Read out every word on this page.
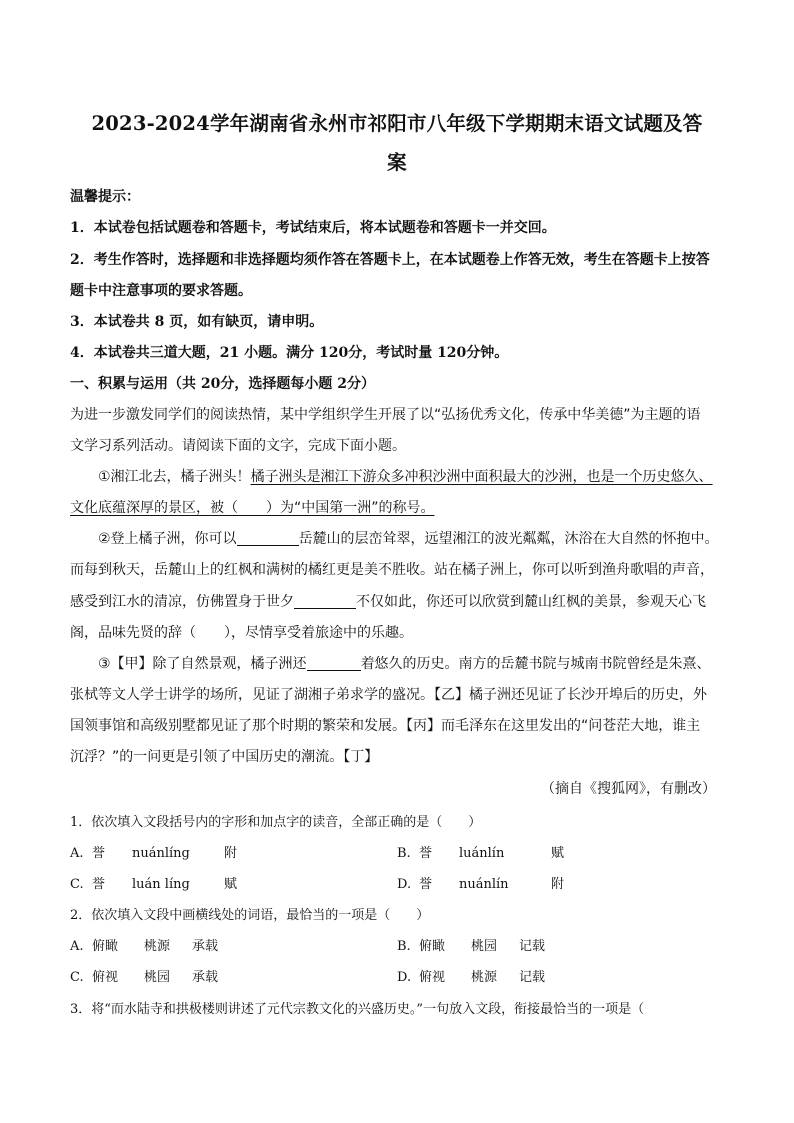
2023-2024学年湖南省永州市祁阳市八年级下学期期末语文试题及答
案
温馨提示：
1．本试卷包括试题卷和答题卡，考试结束后，将本试题卷和答题卡一并交回。
2．考生作答时，选择题和非选择题均须作答在答题卡上，在本试题卷上作答无效，考生在答题卡上按答
题卡中注意事项的要求答题。
3．本试卷共 8 页，如有缺页，请申明。
4．本试卷共三道大题，21 小题。满分 120分，考试时量 120分钟。
一、积累与运用（共 20分，选择题每小题 2分）
为进一步激发同学们的阅读热情，某中学组织学生开展了以“弘扬优秀文化，传承中华美德”为主题的语
文学习系列活动。请阅读下面的文字，完成下面小题。
①湘江北去，橘子洲头！橘子洲头是湘江下游众多冲积沙洲中面积最大的沙洲，也是一个历史悠久、
文化底蕴深厚的景区，被（　　）为“中国第一洲”的称号。
②登上橘子洲，你可以	岳麓山的层峦耸翠，远望湘江的波光粼粼，沐浴在大自然的怀抱中。
而每到秋天，岳麓山上的红枫和满树的橘红更是美不胜收。站在橘子洲上，你可以听到渔舟歌唱的声音，
感受到江水的清凉，仿佛置身于世夕	不仅如此，你还可以欣赏到麓山红枫的美景，参观天心飞
阁，品味先贤的辞（　　），尽情享受着旅途中的乐趣。
③【甲】除了自然景观，橘子洲还	着悠久的历史。南方的岳麓书院与城南书院曾经是朱熹、
张栻等文人学士讲学的场所，见证了湖湘子弟求学的盛况。【乙】橘子洲还见证了长沙开埠后的历史，外
国领事馆和高级别墅都见证了那个时期的繁荣和发展。【丙】而毛泽东在这里发出的“问苍茫大地，谁主
沉浮？”的一问更是引领了中国历史的潮流。【丁】
（摘自《搜狐网》，有删改）
1．依次填入文段括号内的字形和加点字的读音，全部正确的是（　　）
A. 誉 nuánlíng	附	B. 誉 luánlín	赋
C. 誉 luán líng	赋	D. 誉 nuánlín	附
2．依次填入文段中画横线处的词语，最恰当的一项是（　　）
A. 俯瞰 桃源 承载	B. 俯瞰 桃园 记载
C. 俯视 桃园 承载	D. 俯视 桃源 记载
3．将“而水陆寺和拱极楼则讲述了元代宗教文化的兴盛历史。”一句放入文段，衔接最恰当的一项是（
